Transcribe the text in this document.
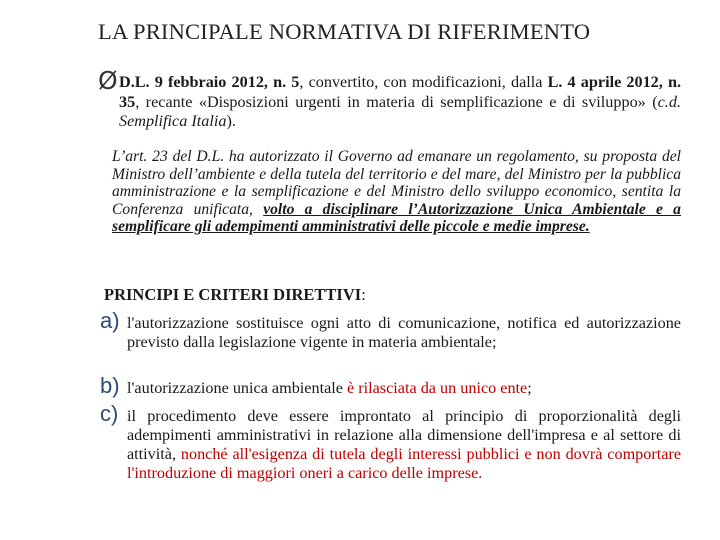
LA PRINCIPALE NORMATIVA DI RIFERIMENTO
Ø D.L. 9 febbraio 2012, n. 5, convertito, con modificazioni, dalla L. 4 aprile 2012, n. 35, recante «Disposizioni urgenti in materia di semplificazione e di sviluppo» (c.d. Semplifica Italia).

L’art. 23 del D.L. ha autorizzato il Governo ad emanare un regolamento, su proposta del Ministro dell’ambiente e della tutela del territorio e del mare, del Ministro per la pubblica amministrazione e la semplificazione e del Ministro dello sviluppo economico, sentita la Conferenza unificata, volto a disciplinare l’Autorizzazione Unica Ambientale e a semplificare gli adempimenti amministrativi delle piccole e medie imprese.

PRINCIPI E CRITERI DIRETTIVI:
a) l'autorizzazione sostituisce ogni atto di comunicazione, notifica ed autorizzazione previsto dalla legislazione vigente in materia ambientale;

b) l'autorizzazione unica ambientale è rilasciata da un unico ente;

c) il procedimento deve essere improntato al principio di proporzionalità degli adempimenti amministrativi in relazione alla dimensione dell'impresa e al settore di attività, nonché all'esigenza di tutela degli interessi pubblici e non dovrà comportare l'introduzione di maggiori oneri a carico delle imprese.
